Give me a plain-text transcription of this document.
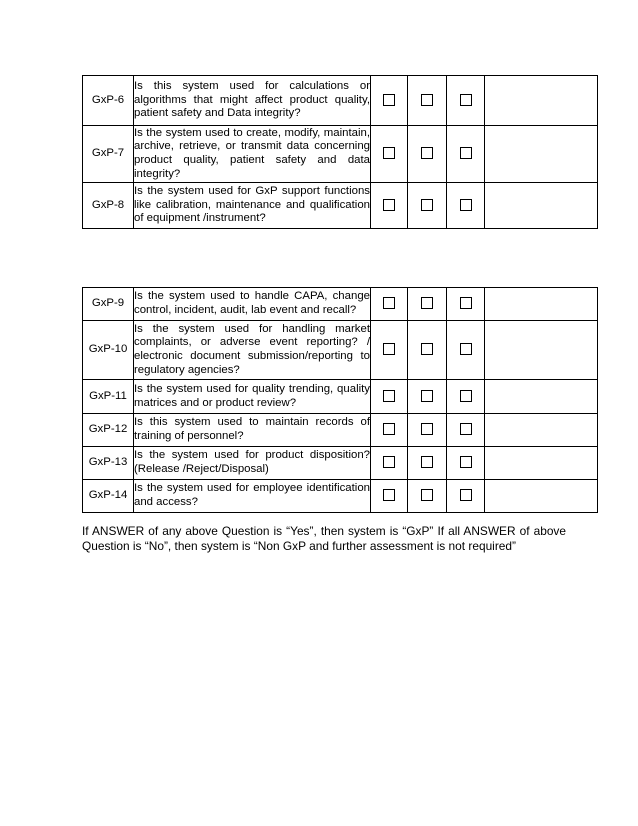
GxP-6	Is this system used for calculations or algorithms that might affect product quality, patient safety and Data integrity?				
GxP-7	Is the system used to create, modify, maintain, archive, retrieve, or transmit data concerning product quality, patient safety and data integrity?				
GxP-8	Is the system used for GxP support functions like calibration, maintenance and qualification of equipment /instrument?				
GxP-9	Is the system used to handle CAPA, change control, incident, audit, lab event and recall?				
GxP-10	Is the system used for handling market complaints, or adverse event reporting? / electronic document submission/reporting to regulatory agencies?				
GxP-11	Is the system used for quality trending, quality matrices and or product review?				
GxP-12	Is this system used to maintain records of training of personnel?				
GxP-13	Is the system used for product disposition? (Release /Reject/Disposal)				
GxP-14	Is the system used for employee identification and access?				

If ANSWER of any above Question is “Yes”, then system is “GxP” If all ANSWER of above Question is “No”, then system is “Non GxP and further assessment is not required”
